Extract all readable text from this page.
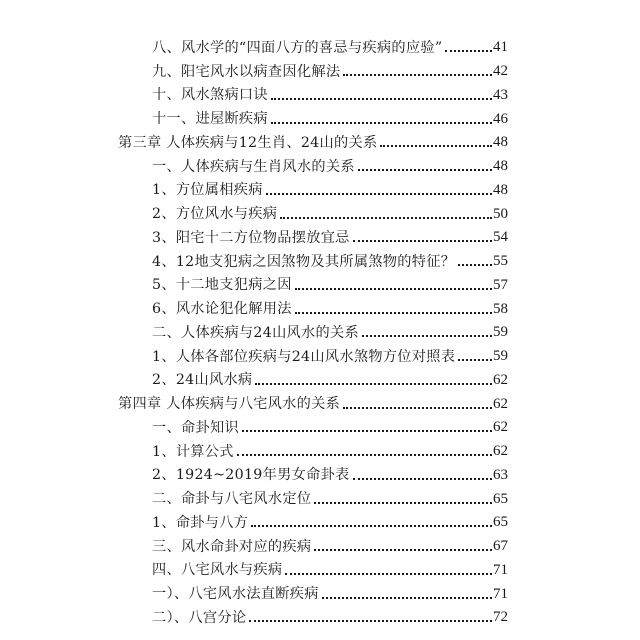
八、风水学的“四面八方的喜忌与疾病的应验”	41
九、阳宅风水以病查因化解法	42
十、风水煞病口诀	43
十一、进屋断疾病	46
第三章 人体疾病与12生肖、24山的关系	48
一、人体疾病与生肖风水的关系	48
1、方位属相疾病	48
2、方位风水与疾病	50
3、阳宅十二方位物品摆放宜忌	54
4、12地支犯病之因煞物及其所属煞物的特征？	55
5、十二地支犯病之因	57
6、风水论犯化解用法	58
二、人体疾病与24山风水的关系	59
1、人体各部位疾病与24山风水煞物方位对照表	59
2、24山风水病	62
第四章 人体疾病与八宅风水的关系	62
一、命卦知识	62
1、计算公式	62
2、1924~2019年男女命卦表	63
二、命卦与八宅风水定位	65
1、命卦与八方	65
三、风水命卦对应的疾病	67
四、八宅风水与疾病	71
一）、八宅风水法直断疾病	71
二）、八宫分论	72
